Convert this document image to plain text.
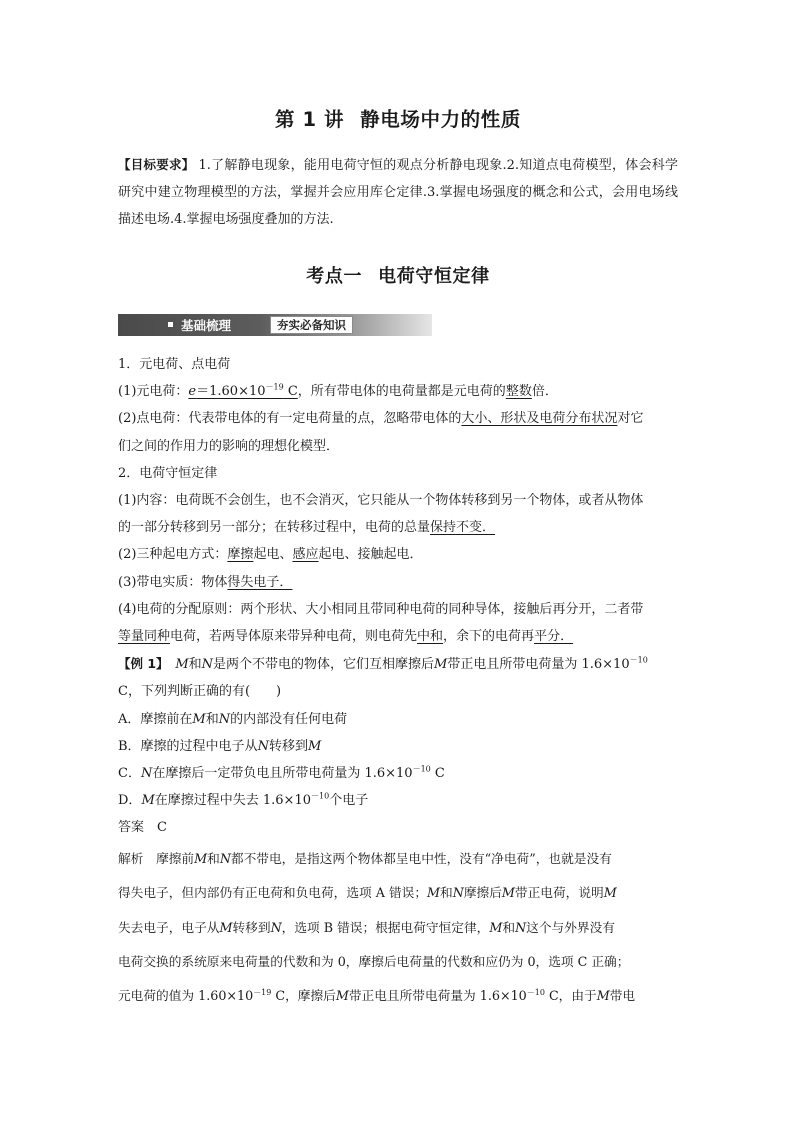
第 1 讲 静电场中力的性质
【目标要求】 1.了解静电现象，能用电荷守恒的观点分析静电现象.2.知道点电荷模型，体会科学研究中建立物理模型的方法，掌握并会应用库仑定律.3.掌握电场强度的概念和公式，会用电场线描述电场.4.掌握电场强度叠加的方法.
考点一 电荷守恒定律
基础梳理	夯实必备知识

1．元电荷、点电荷

(1)元电荷：$e=1.60\times 10^{-19}$ C，所有带电体的电荷量都是元电荷的整数倍．

(2)点电荷：代表带电体的有一定电荷量的点，忽略带电体的大小、形状及电荷分布状况对它

们之间的作用力的影响的理想化模型．

2．电荷守恒定律

(1)内容：电荷既不会创生，也不会消灭，它只能从一个物体转移到另一个物体，或者从物体

的一部分转移到另一部分；在转移过程中，电荷的总量保持不变．

(2)三种起电方式：摩擦起电、感应起电、接触起电．

(3)带电实质：物体得失电子．

(4)电荷的分配原则：两个形状、大小相同且带同种电荷的同种导体，接触后再分开，二者带

等量同种电荷，若两导体原来带异种电荷，则电荷先中和，余下的电荷再平分．

【例 1】　 M和N是两个不带电的物体，它们互相摩擦后M带正电且所带电荷量为 $1.6\times 10^{-10}$

C，下列判断正确的有(　　)

A．摩擦前在M和N的内部没有任何电荷

B．摩擦的过程中电子从N转移到M

C．N在摩擦后一定带负电且所带电荷量为 $1.6\times 10^{-10}$ C

D．M在摩擦过程中失去 $1.6\times 10^{-10}$个电子

答案　 C

解析　 摩擦前M和N都不带电，是指这两个物体都呈电中性，没有“净电荷”，也就是没有

得失电子，但内部仍有正电荷和负电荷，选项 A 错误；M和N摩擦后M带正电荷，说明M

失去电子，电子从M转移到N，选项 B 错误；根据电荷守恒定律，M和N这个与外界没有

电荷交换的系统原来电荷量的代数和为 0，摩擦后电荷量的代数和应仍为 0，选项 C 正确；

元电荷的值为 $1.60\times 10^{-19}$ C，摩擦后M带正电且所带电荷量为 $1.6\times 10^{-10}$ C，由于M带电
